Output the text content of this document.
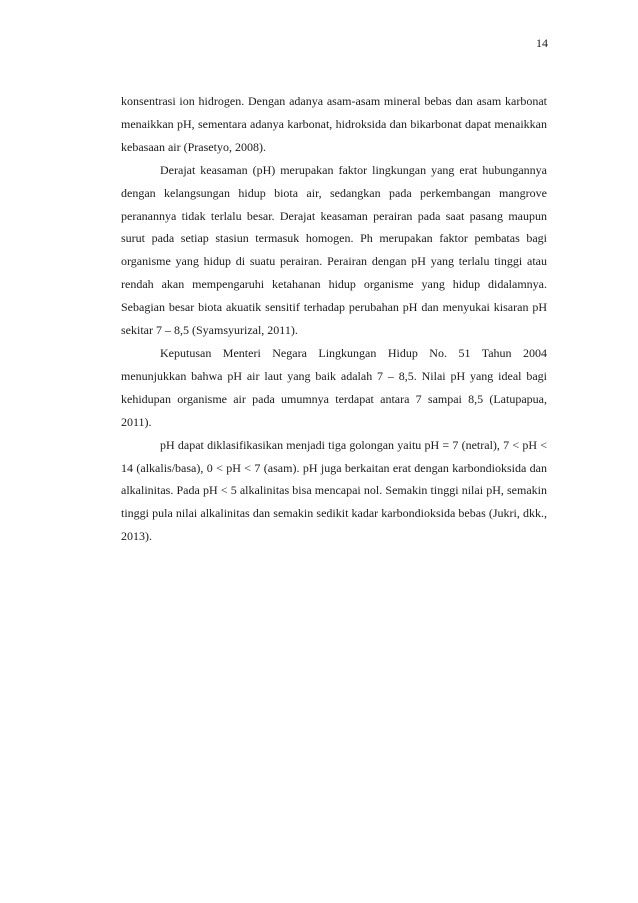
14

konsentrasi ion hidrogen. Dengan adanya asam-asam mineral bebas dan asam karbonat menaikkan pH, sementara adanya karbonat, hidroksida dan bikarbonat dapat menaikkan kebasaan air (Prasetyo, 2008).

Derajat keasaman (pH) merupakan faktor lingkungan yang erat hubungannya dengan kelangsungan hidup biota air, sedangkan pada perkembangan mangrove peranannya tidak terlalu besar. Derajat keasaman perairan pada saat pasang maupun surut pada setiap stasiun termasuk homogen. Ph merupakan faktor pembatas bagi organisme yang hidup di suatu perairan. Perairan dengan pH yang terlalu tinggi atau rendah akan mempengaruhi ketahanan hidup organisme yang hidup didalamnya. Sebagian besar biota akuatik sensitif terhadap perubahan pH dan menyukai kisaran pH sekitar 7 – 8,5 (Syamsyurizal, 2011).

Keputusan Menteri Negara Lingkungan Hidup No. 51 Tahun 2004 menunjukkan bahwa pH air laut yang baik adalah 7 – 8,5. Nilai pH yang ideal bagi kehidupan organisme air pada umumnya terdapat antara 7 sampai 8,5 (Latupapua, 2011).

pH dapat diklasifikasikan menjadi tiga golongan yaitu pH = 7 (netral), 7 < pH < 14 (alkalis/basa), 0 < pH < 7 (asam). pH juga berkaitan erat dengan karbondioksida dan alkalinitas. Pada pH < 5 alkalinitas bisa mencapai nol. Semakin tinggi nilai pH, semakin tinggi pula nilai alkalinitas dan semakin sedikit kadar karbondioksida bebas (Jukri, dkk., 2013).
